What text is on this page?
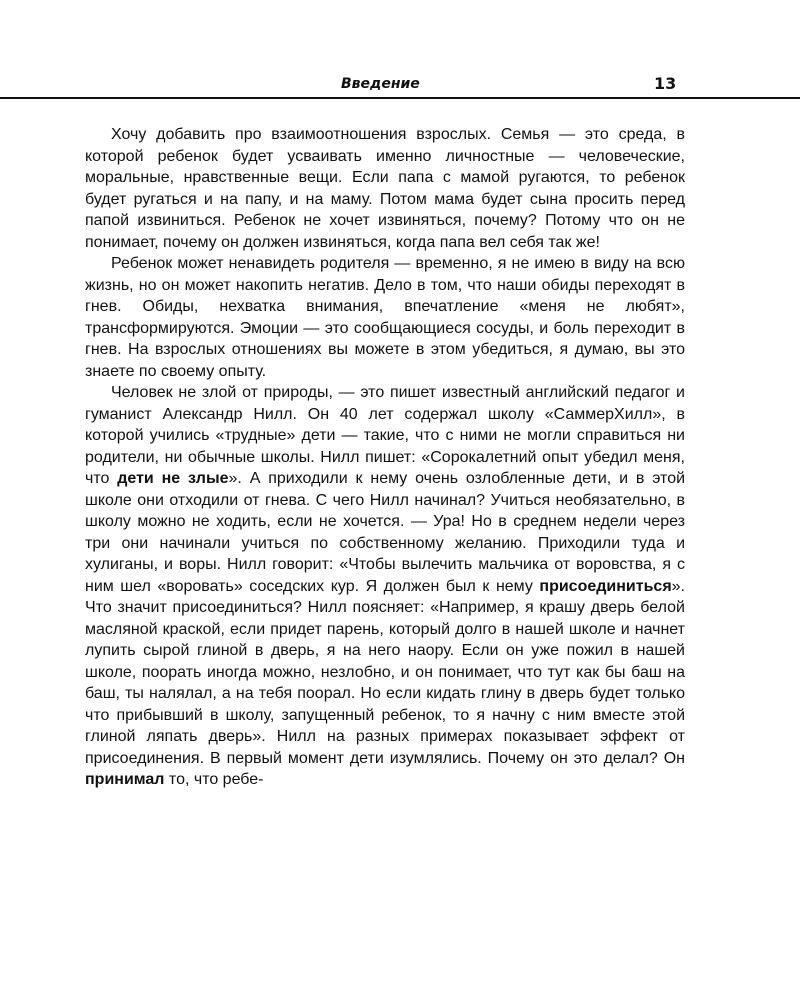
Введение	13

Хочу добавить про взаимоотношения взрослых. Семья — это среда, в которой ребенок будет усваивать именно личностные — человеческие, моральные, нравственные вещи. Если папа с мамой ругаются, то ребенок будет ругаться и на папу, и на маму. Потом мама будет сына просить перед папой извиниться. Ребенок не хочет извиняться, почему? Потому что он не понимает, почему он должен извиняться, когда папа вел себя так же!

Ребенок может ненавидеть родителя — временно, я не имею в виду на всю жизнь, но он может накопить негатив. Дело в том, что наши обиды переходят в гнев. Обиды, нехватка внимания, впечатление «меня не любят», трансформируются. Эмоции — это сообщающиеся сосуды, и боль переходит в гнев. На взрослых отношениях вы можете в этом убедиться, я думаю, вы это знаете по своему опыту.

Человек не злой от природы, — это пишет известный английский педагог и гуманист Александр Нилл. Он 40 лет содержал школу «СаммерХилл», в которой учились «трудные» дети — такие, что с ними не могли справиться ни родители, ни обычные школы. Нилл пишет: «Сорокалетний опыт убедил меня, что дети не злые». А приходили к нему очень озлобленные дети, и в этой школе они отходили от гнева. С чего Нилл начинал? Учиться необязательно, в школу можно не ходить, если не хочется. — Ура! Но в среднем недели через три они начинали учиться по собственному желанию. Приходили туда и хулиганы, и воры. Нилл говорит: «Чтобы вылечить мальчика от воровства, я с ним шел «воровать» соседских кур. Я должен был к нему присоединиться». Что значит присоединиться? Нилл поясняет: «Например, я крашу дверь белой масляной краской, если придет парень, который долго в нашей школе и начнет лупить сырой глиной в дверь, я на него наору. Если он уже пожил в нашей школе, поорать иногда можно, незлобно, и он понимает, что тут как бы баш на баш, ты налялал, а на тебя поорал. Но если кидать глину в дверь будет только что прибывший в школу, запущенный ребенок, то я начну с ним вместе этой глиной ляпать дверь». Нилл на разных примерах показывает эффект от присоединения. В первый момент дети изумлялись. Почему он это делал? Он принимал то, что ребе-
